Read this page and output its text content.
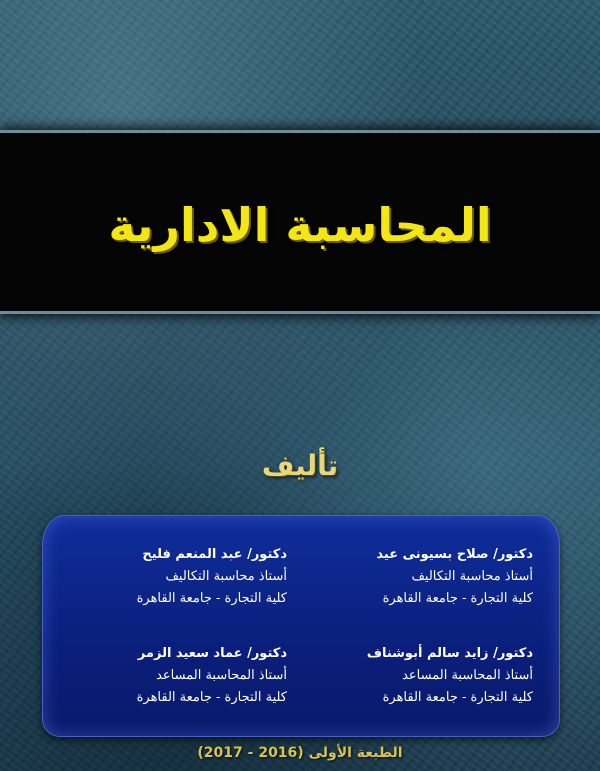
المحاسبة الادارية
تأليف

دكتور/ صلاح بسيونى عيد

أستاذ محاسبة التكاليف

كلية التجارة - جامعة القاهرة

دكتور/ عبد المنعم فليح

أستاذ محاسبة التكاليف

كلية التجارة - جامعة القاهرة

دكتور/ زايد سالم أبوشناف

أستاذ المحاسبة المساعد

كلية التجارة - جامعة القاهرة

دكتور/ عماد سعيد الزمر

أستاذ المحاسبة المساعد

كلية التجارة - جامعة القاهرة

الطبعة الأولى (2016 - 2017)
